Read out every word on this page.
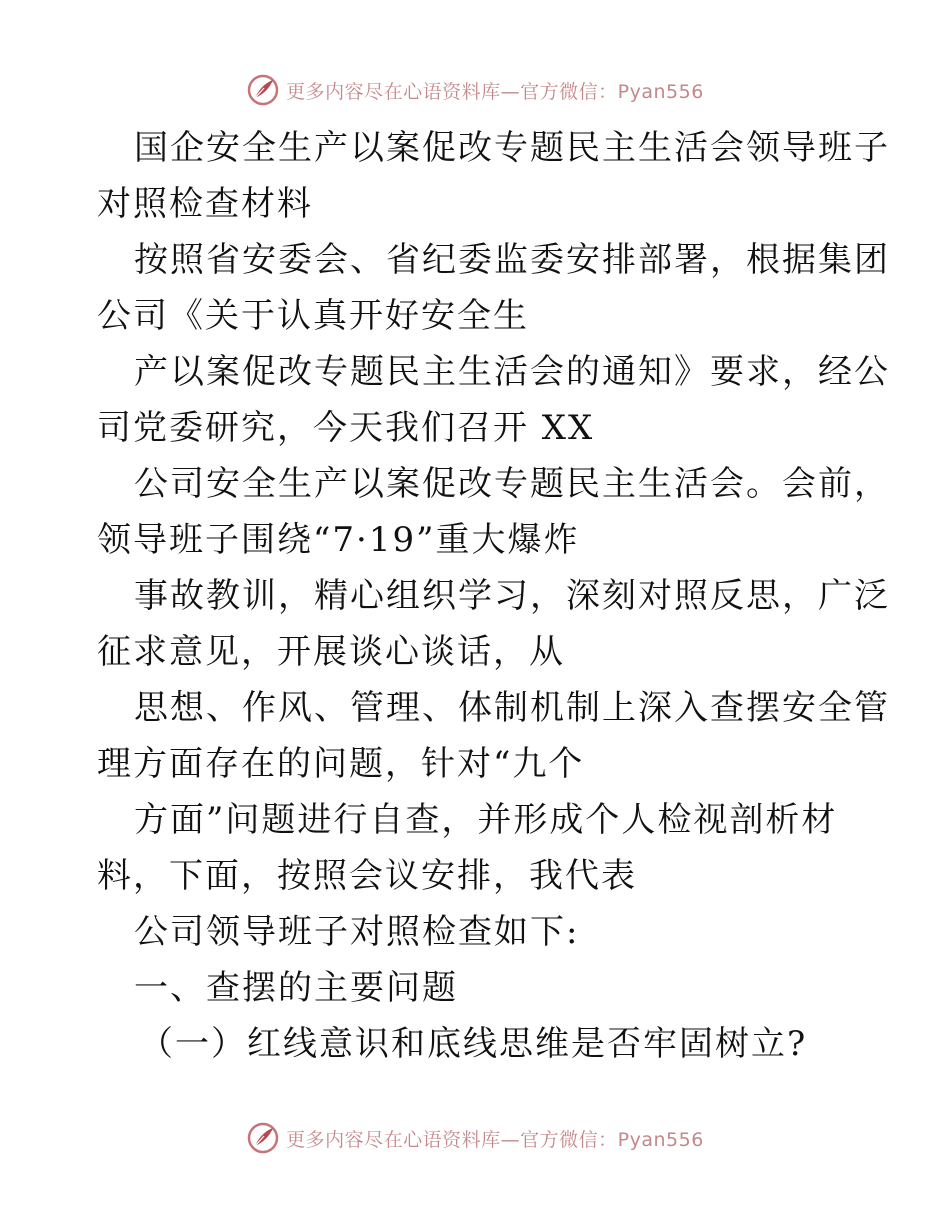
更多内容尽在心语资料库—官方微信：Pyan556
国企安全生产以案促改专题民主生活会领导班子
对照检查材料
按照省安委会、省纪委监委安排部署，根据集团
公司《关于认真开好安全生
产以案促改专题民主生活会的通知》要求，经公
司党委研究，今天我们召开 XX
公司安全生产以案促改专题民主生活会。会前，
领导班子围绕“7·19”重大爆炸
事故教训，精心组织学习，深刻对照反思，广泛
征求意见，开展谈心谈话，从
思想、作风、管理、体制机制上深入查摆安全管
理方面存在的问题，针对“九个
方面”问题进行自查，并形成个人检视剖析材
料，下面，按照会议安排，我代表
公司领导班子对照检查如下:
一、查摆的主要问题
（一）红线意识和底线思维是否牢固树立?
更多内容尽在心语资料库—官方微信：Pyan556
